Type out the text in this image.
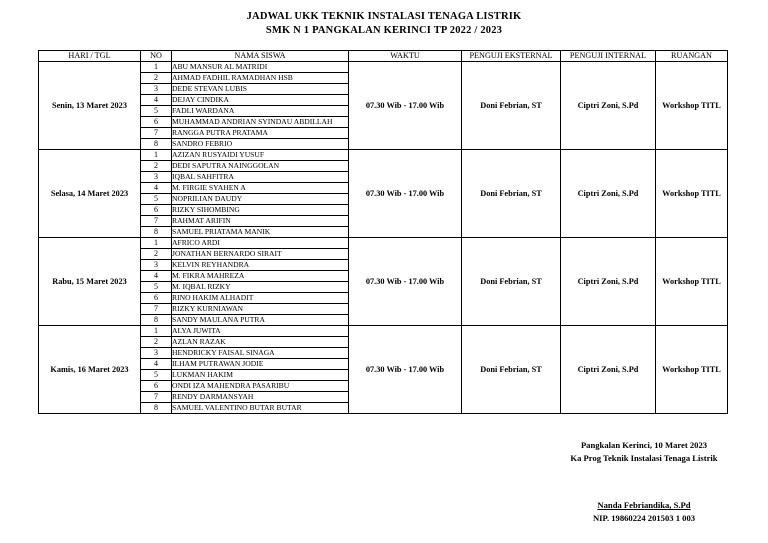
JADWAL UKK TEKNIK INSTALASI TENAGA LISTRIK
SMK N 1 PANGKALAN KERINCI TP 2022 / 2023
HARI / TGL	NO	NAMA SISWA	WAKTU	PENGUJI EKSTERNAL	PENGUJI INTERNAL	RUANGAN
Senin, 13 Maret 2023	1	ABU MANSUR AL MATRIDI	07.30 Wib - 17.00 Wib	Doni Febrian, ST	Ciptri Zoni, S.Pd	Workshop TITL
	2	AHMAD FADHIL RAMADHAN HSB				
	3	DEDE STEVAN LUBIS				
	4	DEJAY CINDIKA				
	5	FADLI WARDANA				
	6	MUHAMMAD ANDRIAN SYINDAU ABDILLAH				
	7	RANGGA PUTRA PRATAMA				
	8	SANDRO FEBRIO				
Selasa, 14 Maret 2023	1	AZIZAN RUSYAIDI YUSUF	07.30 Wib - 17.00 Wib	Doni Febrian, ST	Ciptri Zoni, S.Pd	Workshop TITL
	2	DEDI SAPUTRA NAINGGOLAN				
	3	IQBAL SAHFITRA				
	4	M. FIRGIE SYAHEN A				
	5	NOPRILIAN DAUDY				
	6	RIZKY SIHOMBING				
	7	RAHMAT ARIFIN				
	8	SAMUEL PRIATAMA MANIK				
Rabu, 15 Maret 2023	1	AFRICO ARDI	07.30 Wib - 17.00 Wib	Doni Febrian, ST	Ciptri Zoni, S.Pd	Workshop TITL
	2	JONATHAN BERNARDO SIRAIT				
	3	KELVIN REYHANDRA				
	4	M. FIKRA MAHREZA				
	5	M. IQBAL RIZKY				
	6	RINO HAKIM ALHADIT				
	7	RIZKY KURNIAWAN				
	8	SANDY MAULANA PUTRA				
Kamis, 16 Maret 2023	1	ALYA JUWITA	07.30 Wib - 17.00 Wib	Doni Febrian, ST	Ciptri Zoni, S.Pd	Workshop TITL
	2	AZLAN RAZAK				
	3	HENDRICKY FAISAL SINAGA				
	4	ILHAM PUTRAWAN JODIE				
	5	LUKMAN HAKIM				
	6	ONDI IZA MAHENDRA PASARIBU				
	7	RENDY DARMANSYAH				
	8	SAMUEL VALENTINO BUTAR BUTAR				
Pangkalan Kerinci, 10 Maret 2023
Ka Prog Teknik Instalasi Tenaga Listrik
Nanda Febriandika, S.Pd
NIP. 19860224 201503 1 003
